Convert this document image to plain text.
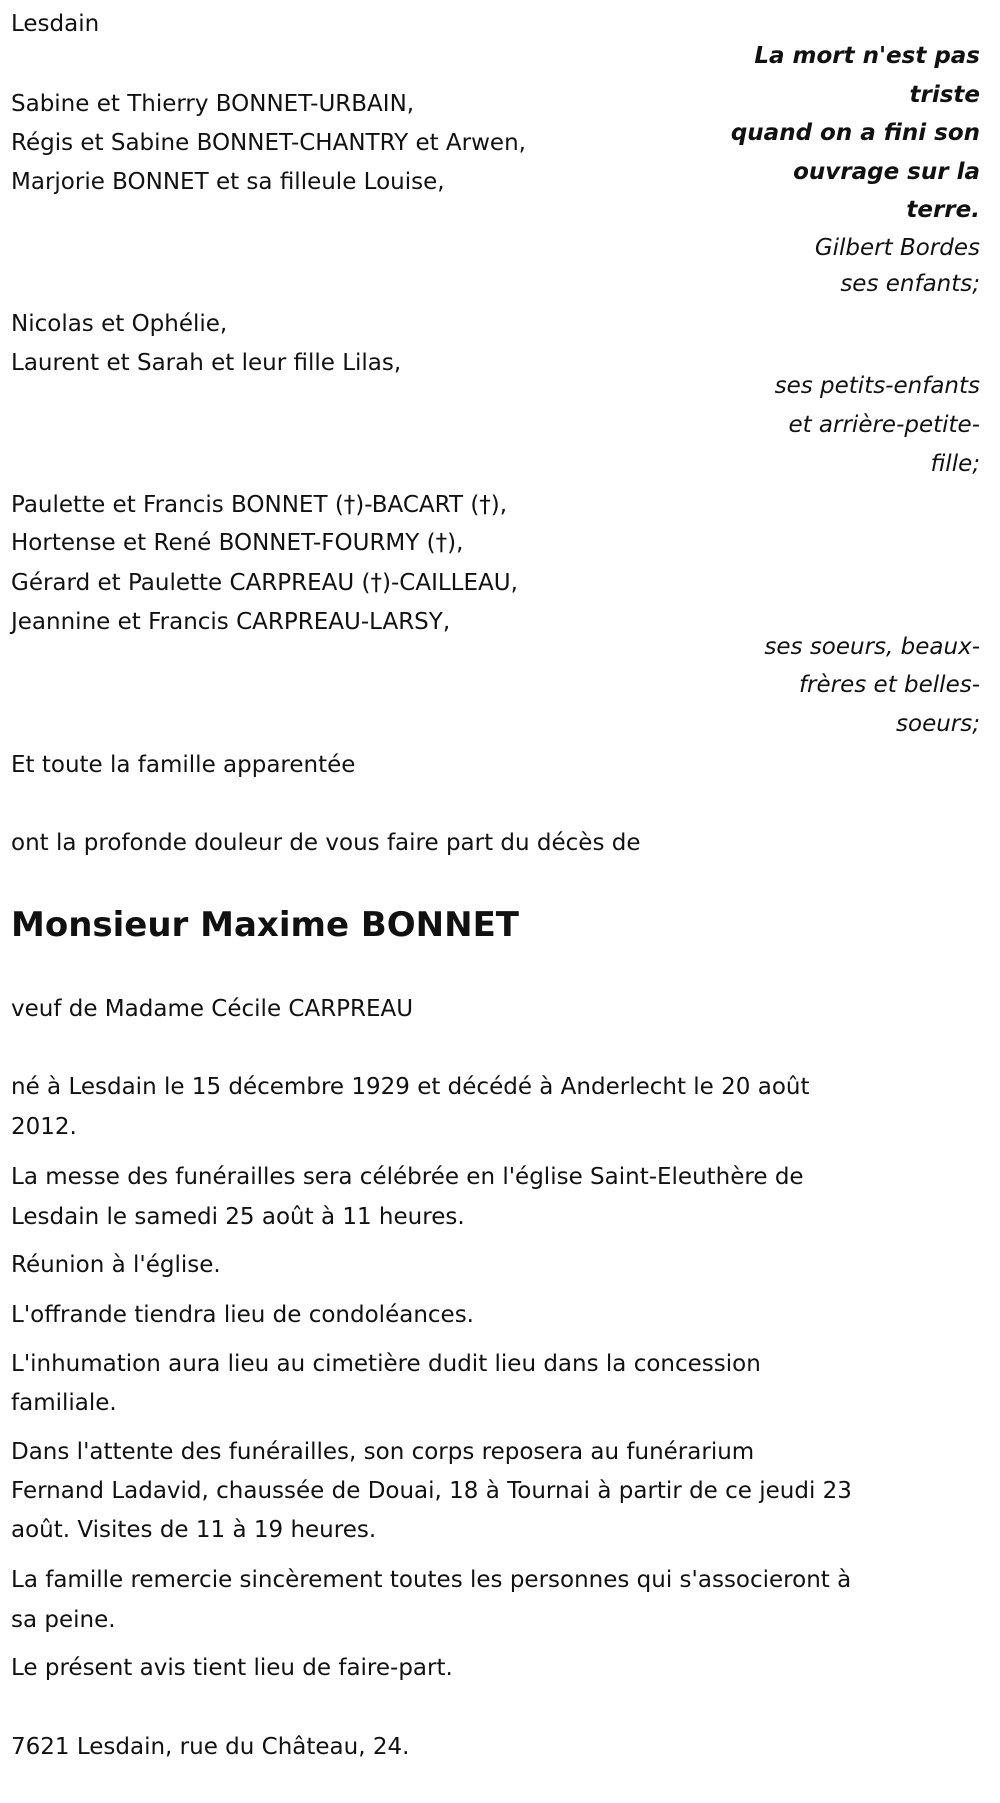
Lesdain
La mort n'est pas
triste
quand on a fini son
ouvrage sur la
terre.
Gilbert Bordes
ses enfants;
Sabine et Thierry BONNET-URBAIN,
Régis et Sabine BONNET-CHANTRY et Arwen,
Marjorie BONNET et sa filleule Louise,
Nicolas et Ophélie,
Laurent et Sarah et leur fille Lilas,
ses petits-enfants
et arrière-petite-
fille;
Paulette et Francis BONNET (†)-BACART (†),
Hortense et René BONNET-FOURMY (†),
Gérard et Paulette CARPREAU (†)-CAILLEAU,
Jeannine et Francis CARPREAU-LARSY,
ses soeurs, beaux-
frères et belles-
soeurs;
Et toute la famille apparentée
ont la profonde douleur de vous faire part du décès de
Monsieur Maxime BONNET
veuf de Madame Cécile CARPREAU
né à Lesdain le 15 décembre 1929 et décédé à Anderlecht le 20 août
2012.
La messe des funérailles sera célébrée en l'église Saint-Eleuthère de
Lesdain le samedi 25 août à 11 heures.
Réunion à l'église.
L'offrande tiendra lieu de condoléances.
L'inhumation aura lieu au cimetière dudit lieu dans la concession
familiale.
Dans l'attente des funérailles, son corps reposera au funérarium
Fernand Ladavid, chaussée de Douai, 18 à Tournai à partir de ce jeudi 23
août. Visites de 11 à 19 heures.
La famille remercie sincèrement toutes les personnes qui s'associeront à
sa peine.
Le présent avis tient lieu de faire-part.
7621 Lesdain, rue du Château, 24.
